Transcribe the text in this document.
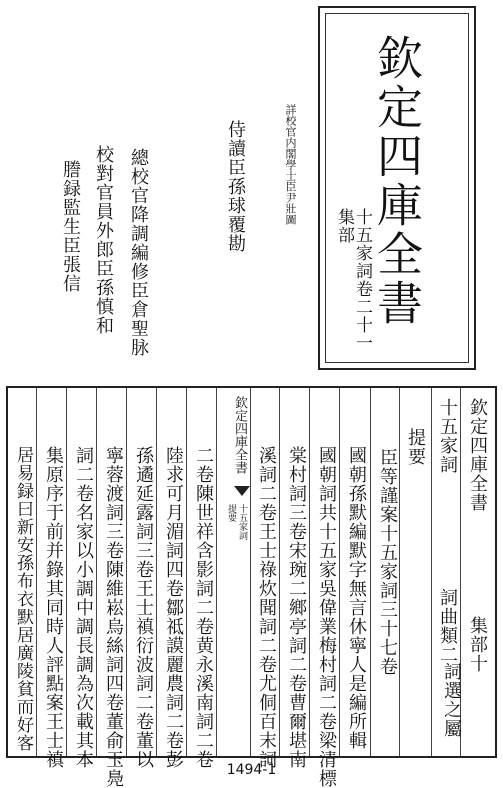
欽定四庫全書
集部
十五家詞卷二十一
詳校官内閣學士臣尹壯圖
侍讀臣孫球覆勘
總校官降調編修臣倉聖脉
校對官員外郎臣孫慎和
謄録監生臣張信
欽定四庫全書
集部十
十五家詞
詞曲類二
詞選之屬
提要
臣等謹案十五家詞三十七卷
國朝孫默編默字無言休寧人是編所輯
國朝詞共十五家吳偉業梅村詞二卷梁清標
棠村詞三卷宋琬二鄉亭詞二卷曹爾堪南
溪詞二卷王士祿炊聞詞二卷尤侗百末詞
欽定四庫全書
十五家詞
提要
二卷陳世祥含影詞二卷黄永溪南詞二卷
陸求可月湄詞四卷鄒祗謨麗農詞二卷彭
孫遹延露詞三卷王士禛衍波詞二卷董以
寧蓉渡詞三卷陳維崧烏絲詞四卷董俞玉鳧
詞二卷名家以小調中調長調為次載其本
集原序于前并錄其同時人評點案王士禛
居易録曰新安孫布衣默居廣陵貧而好客
1494-1
